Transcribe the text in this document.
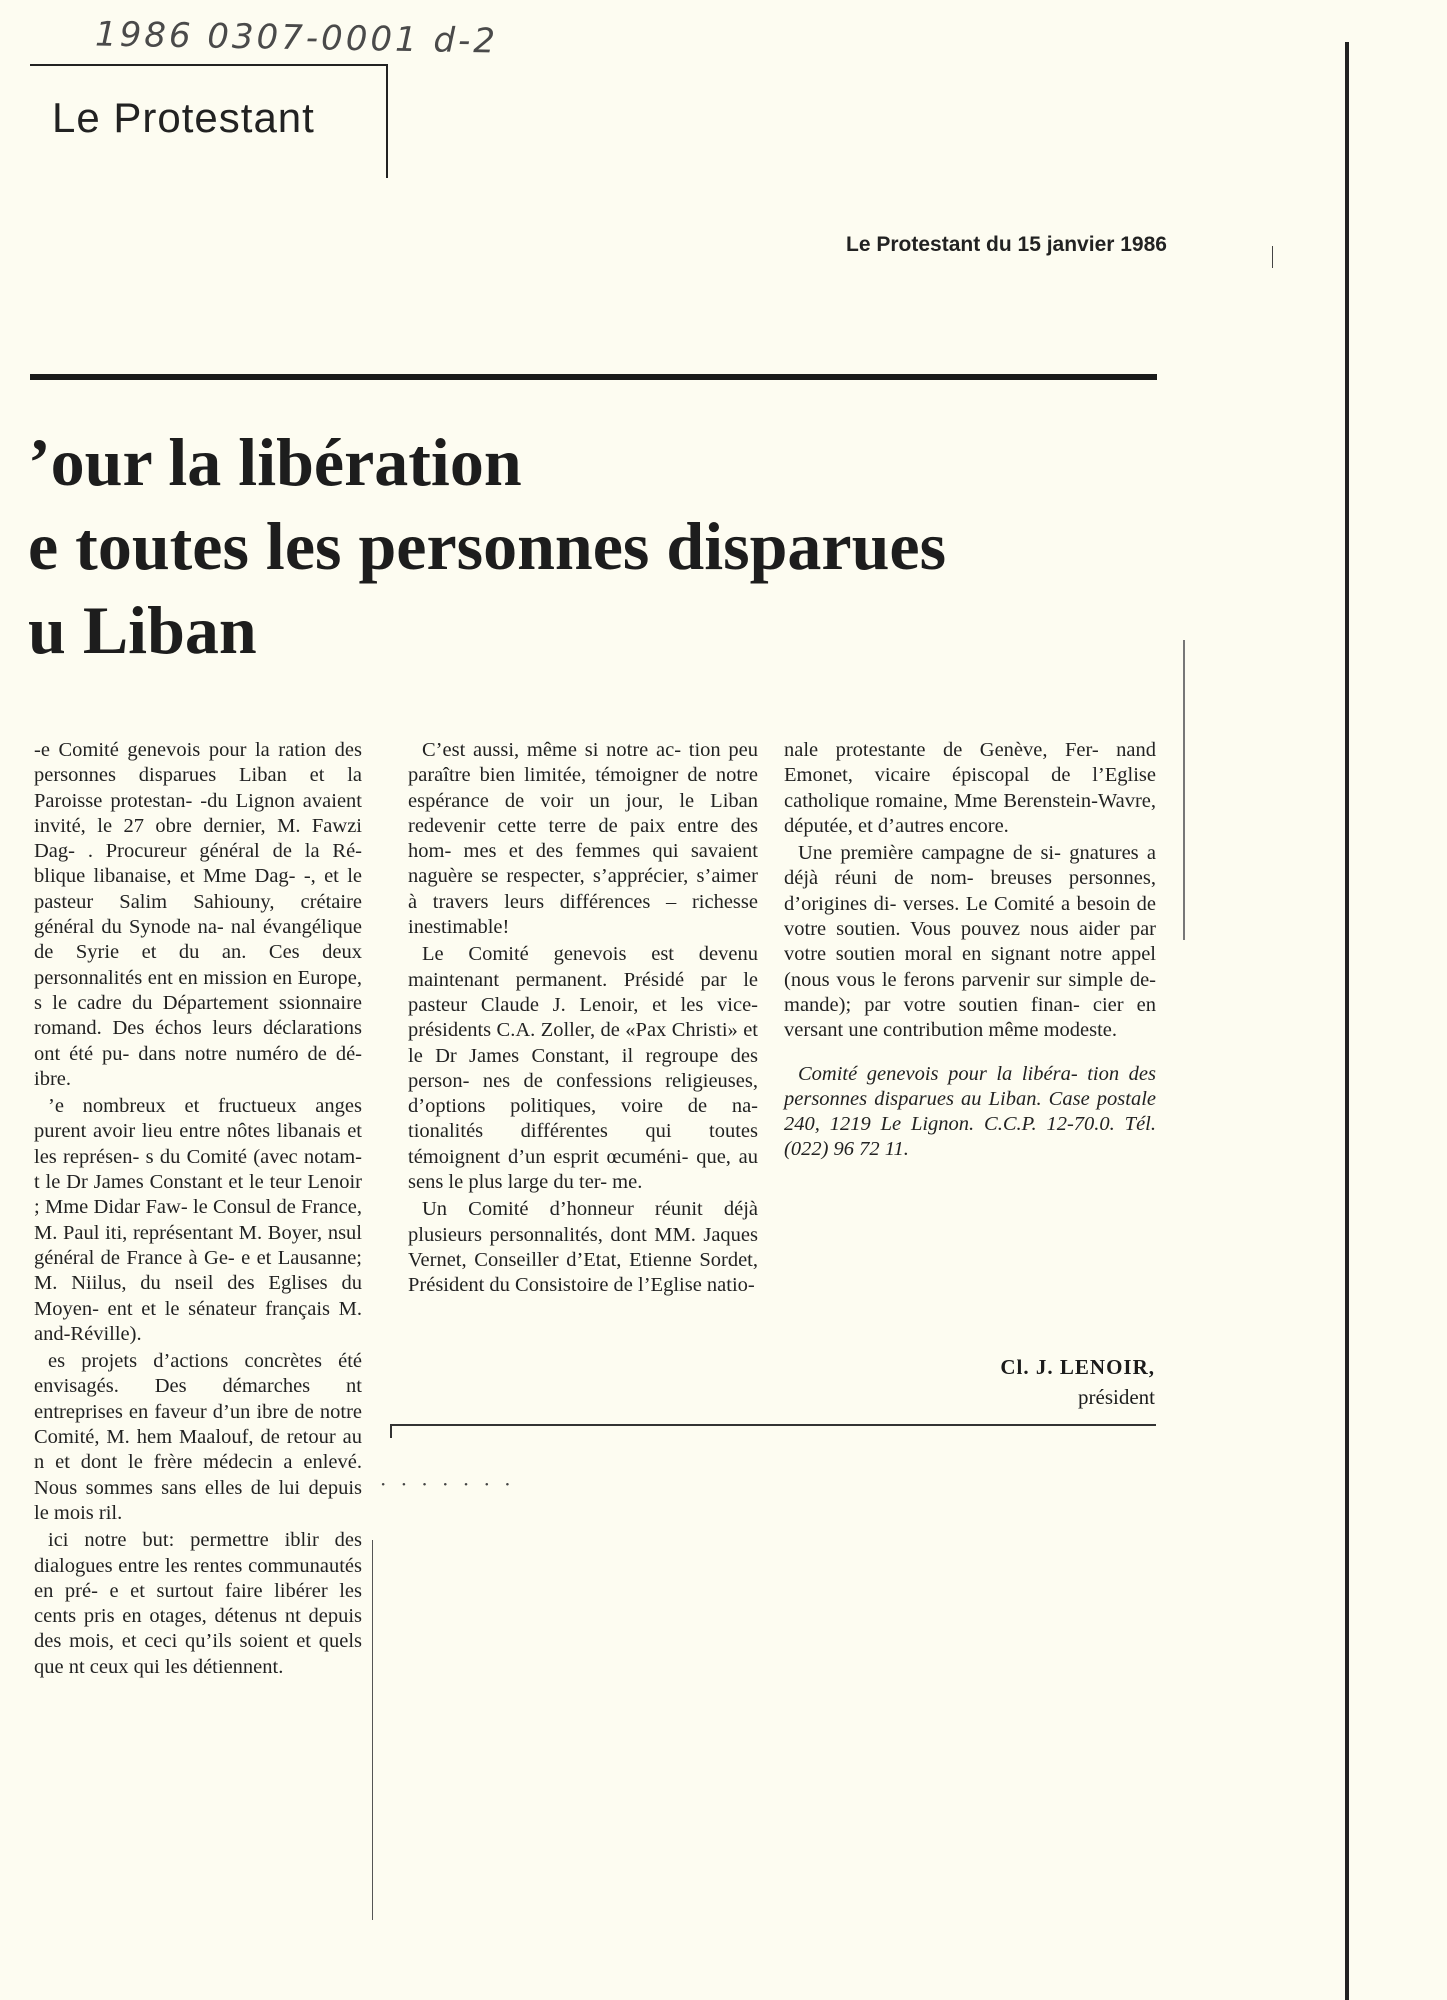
1986 0307-0001 d-2
Le Protestant
Le Protestant du 15 janvier 1986
’our la libération
e toutes les personnes disparues
u Liban

‐e Comité genevois pour la ration des personnes disparues Liban et la Paroisse protestan- ‐du Lignon avaient invité, le 27 obre dernier, M. Fawzi Dag- . Procureur général de la Ré- blique libanaise, et Mme Dag- ‐, et le pasteur Salim Sahiouny, crétaire général du Synode na- nal évangélique de Syrie et du an. Ces deux personnalités ent en mission en Europe, s le cadre du Département ssionnaire romand. Des échos leurs déclarations ont été pu- dans notre numéro de dé- ibre.

’e nombreux et fructueux anges purent avoir lieu entre nôtes libanais et les représen- s du Comité (avec notam- t le Dr James Constant et le teur Lenoir ; Mme Didar Faw- le Consul de France, M. Paul iti, représentant M. Boyer, nsul général de France à Ge- e et Lausanne; M. Niilus, du nseil des Eglises du Moyen- ent et le sénateur français M. and-Réville).

es projets d’actions concrètes été envisagés. Des démarches nt entreprises en faveur d’un ibre de notre Comité, M. hem Maalouf, de retour au n et dont le frère médecin a enlevé. Nous sommes sans elles de lui depuis le mois ril.

ici notre but: permettre iblir des dialogues entre les rentes communautés en pré- e et surtout faire libérer les cents pris en otages, détenus nt depuis des mois, et ceci qu’ils soient et quels que nt ceux qui les détiennent.

C’est aussi, même si notre ac- tion peu paraître bien limitée, témoigner de notre espérance de voir un jour, le Liban redevenir cette terre de paix entre des hom- mes et des femmes qui savaient naguère se respecter, s’apprécier, s’aimer à travers leurs différences – richesse inestimable!

Le Comité genevois est devenu maintenant permanent. Présidé par le pasteur Claude J. Lenoir, et les vice-présidents C.A. Zoller, de «Pax Christi» et le Dr James Constant, il regroupe des person- nes de confessions religieuses, d’options politiques, voire de na- tionalités différentes qui toutes témoignent d’un esprit œcuméni- que, au sens le plus large du ter- me.

Un Comité d’honneur réunit déjà plusieurs personnalités, dont MM. Jaques Vernet, Conseiller d’Etat, Etienne Sordet, Président du Consistoire de l’Eglise natio-

nale protestante de Genève, Fer- nand Emonet, vicaire épiscopal de l’Eglise catholique romaine, Mme Berenstein-Wavre, députée, et d’autres encore.

Une première campagne de si- gnatures a déjà réuni de nom- breuses personnes, d’origines di- verses. Le Comité a besoin de votre soutien. Vous pouvez nous aider par votre soutien moral en signant notre appel (nous vous le ferons parvenir sur simple de- mande); par votre soutien finan- cier en versant une contribution même modeste.

Comité genevois pour la libéra- tion des personnes disparues au Liban. Case postale 240, 1219 Le Lignon. C.C.P. 12-70.0. Tél. (022) 96 72 11.

Cl. J. LENOIR,
président
· · · · · · ·
